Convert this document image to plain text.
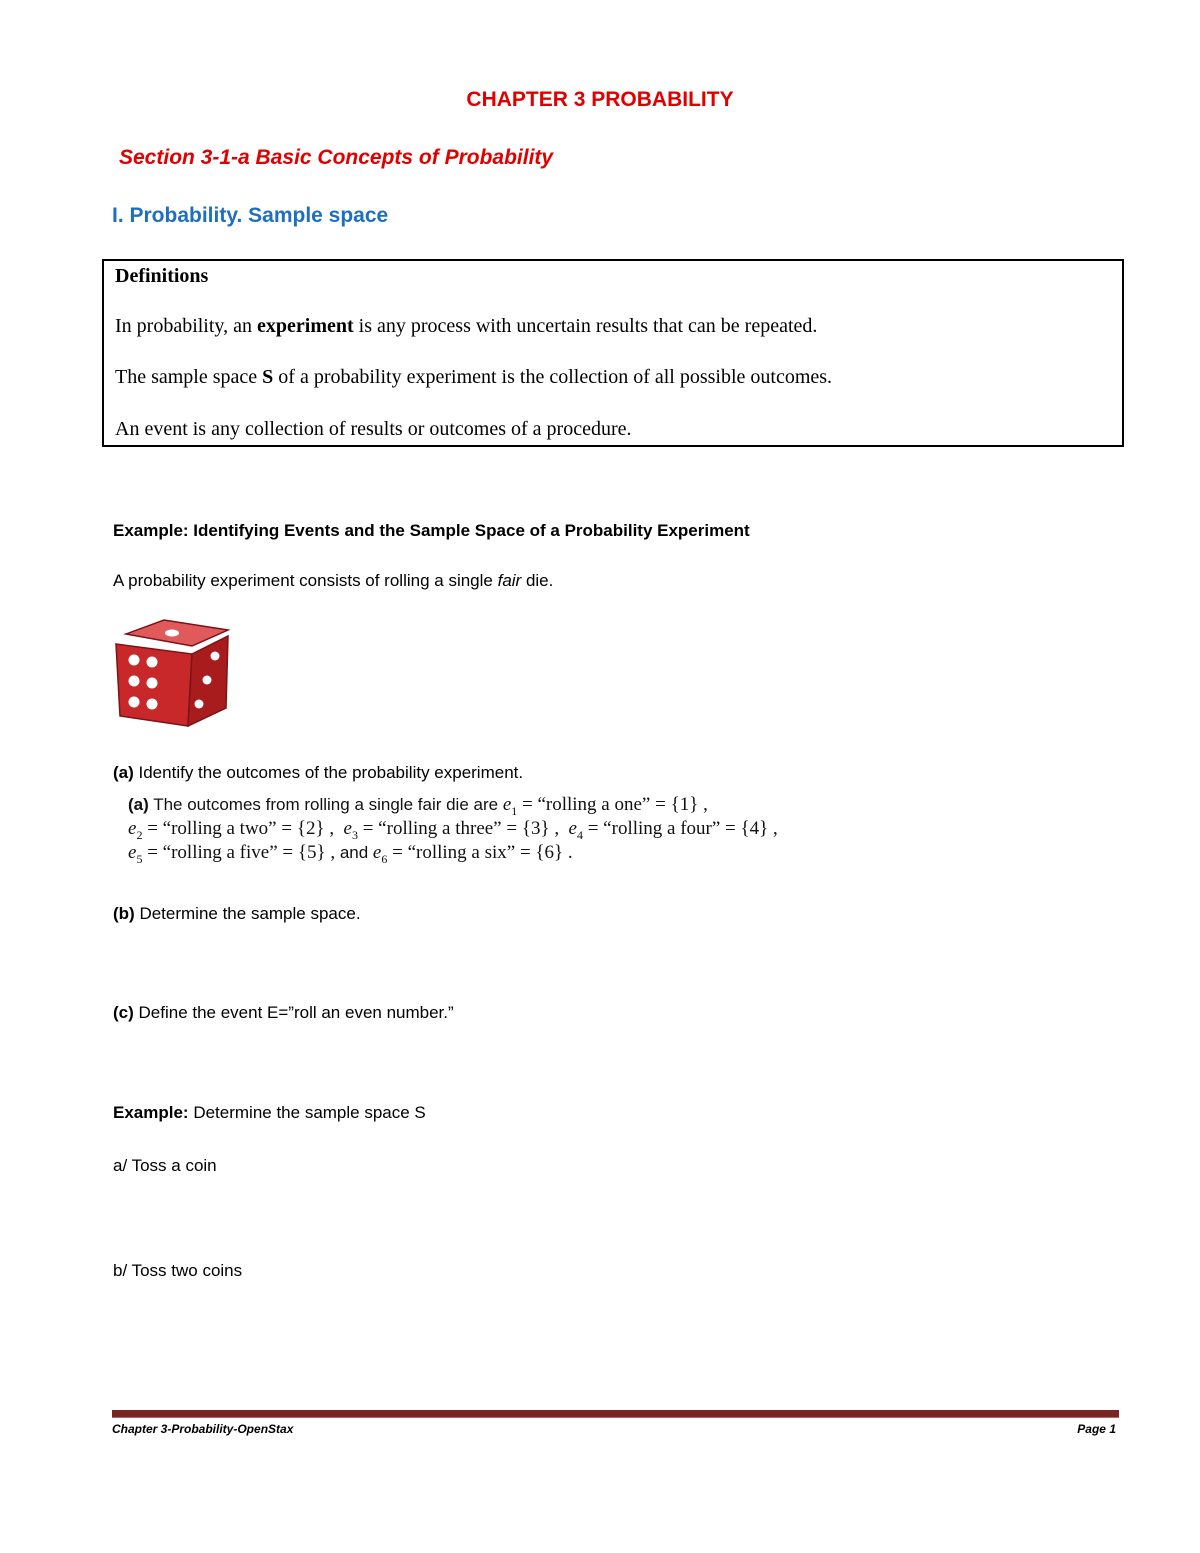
CHAPTER 3 PROBABILITY
Section 3-1-a Basic Concepts of Probability
I. Probability. Sample space
Definitions
In probability, an experiment is any process with uncertain results that can be repeated.
The sample space S of a probability experiment is the collection of all possible outcomes.
An event is any collection of results or outcomes of a procedure.
Example: Identifying Events and the Sample Space of a Probability Experiment
A probability experiment consists of rolling a single fair die.
(a) Identify the outcomes of the probability experiment.
(a) The outcomes from rolling a single fair die are $e_1$ = “rolling a one” = {1} ,
$e_2$ = “rolling a two” = {2} , $e_3$ = “rolling a three” = {3} , $e_4$ = “rolling a four” = {4} ,
$e_5$ = “rolling a five” = {5} , and $e_6$ = “rolling a six” = {6} .
(b) Determine the sample space.
(c) Define the event E=”roll an even number.”
Example: Determine the sample space S
a/ Toss a coin
b/ Toss two coins
Chapter 3-Probability-OpenStax	Page 1
